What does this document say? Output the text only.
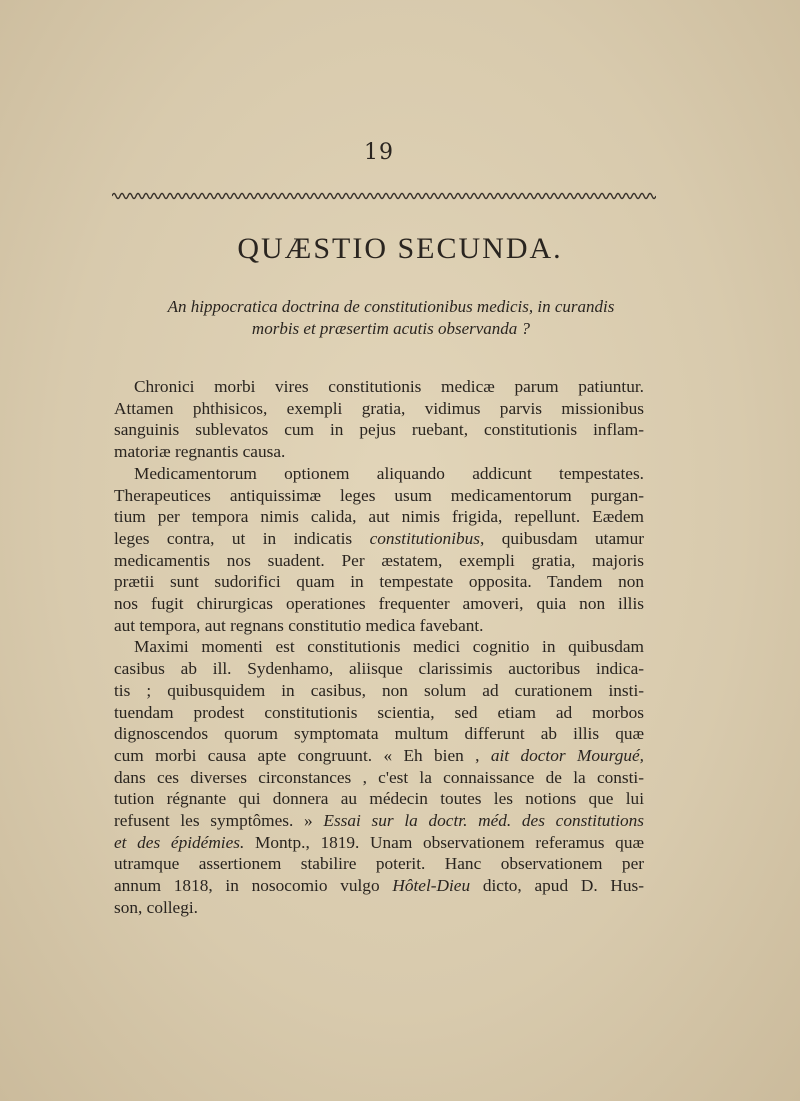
19
QUÆSTIO SECUNDA.
An hippocratica doctrina de constitutionibus medicis, in curandis
morbis et præsertim acutis observanda ?

Chronici morbi vires constitutionis medicæ parum patiuntur.
Attamen phthisicos, exempli gratia, vidimus parvis missionibus
sanguinis sublevatos cum in pejus ruebant, constitutionis inflam-
matoriæ regnantis causa.

Medicamentorum optionem aliquando addicunt tempestates.
Therapeutices antiquissimæ leges usum medicamentorum purgan-
tium per tempora nimis calida, aut nimis frigida, repellunt. Eædem
leges contra, ut in indicatis constitutionibus, quibusdam utamur
medicamentis nos suadent. Per æstatem, exempli gratia, majoris
prætii sunt sudorifici quam in tempestate opposita. Tandem non
nos fugit chirurgicas operationes frequenter amoveri, quia non illis
aut tempora, aut regnans constitutio medica favebant.

Maximi momenti est constitutionis medici cognitio in quibusdam
casibus ab ill. Sydenhamo, aliisque clarissimis auctoribus indica-
tis ; quibusquidem in casibus, non solum ad curationem insti-
tuendam prodest constitutionis scientia, sed etiam ad morbos
dignoscendos quorum symptomata multum differunt ab illis quæ
cum morbi causa apte congruunt. « Eh bien , ait doctor Mourgué,
dans ces diverses circonstances , c'est la connaissance de la consti-
tution régnante qui donnera au médecin toutes les notions que lui
refusent les symptômes. » Essai sur la doctr. méd. des constitutions
et des épidémies. Montp., 1819. Unam observationem referamus quæ
utramque assertionem stabilire poterit. Hanc observationem per
annum 1818, in nosocomio vulgo Hôtel-Dieu dicto, apud D. Hus-
son, collegi.
